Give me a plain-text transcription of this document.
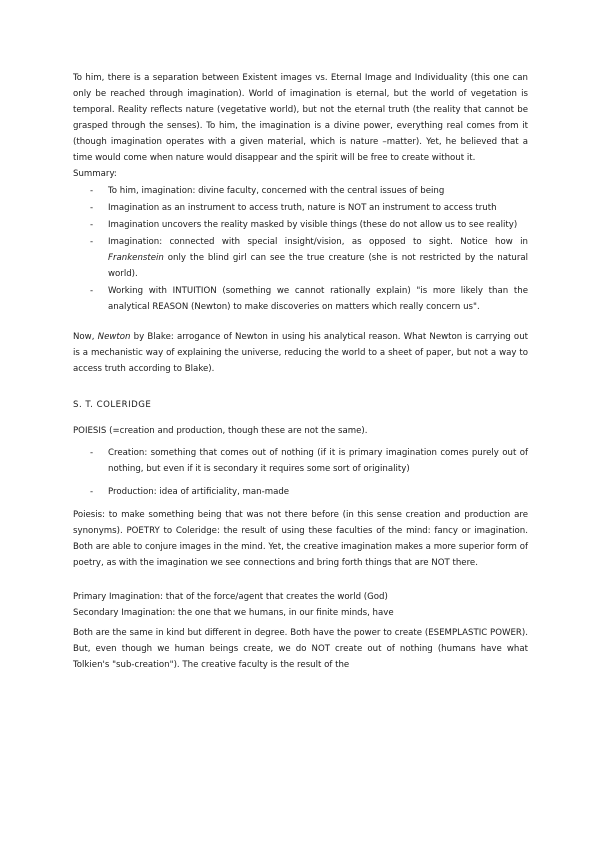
To him, there is a separation between Existent images vs. Eternal Image and Individuality (this one can only be reached through imagination). World of imagination is eternal, but the world of vegetation is temporal. Reality reflects nature (vegetative world), but not the eternal truth (the reality that cannot be grasped through the senses). To him, the imagination is a divine power, everything real comes from it (though imagination operates with a given material, which is nature –matter). Yet, he believed that a time would come when nature would disappear and the spirit will be free to create without it.

Summary:

- To him, imagination: divine faculty, concerned with the central issues of being
- Imagination as an instrument to access truth, nature is NOT an instrument to access truth
- Imagination uncovers the reality masked by visible things (these do not allow us to see reality)
- Imagination: connected with special insight/vision, as opposed to sight. Notice how in Frankenstein only the blind girl can see the true creature (she is not restricted by the natural world).
- Working with INTUITION (something we cannot rationally explain) "is more likely than the analytical REASON (Newton) to make discoveries on matters which really concern us".

Now, Newton by Blake: arrogance of Newton in using his analytical reason. What Newton is carrying out is a mechanistic way of explaining the universe, reducing the world to a sheet of paper, but not a way to access truth according to Blake).

S. T. COLERIDGE

POIESIS (=creation and production, though these are not the same).

- Creation: something that comes out of nothing (if it is primary imagination comes purely out of nothing, but even if it is secondary it requires some sort of originality)
- Production: idea of artificiality, man-made

Poiesis: to make something being that was not there before (in this sense creation and production are synonyms). POETRY to Coleridge: the result of using these faculties of the mind: fancy or imagination. Both are able to conjure images in the mind. Yet, the creative imagination makes a more superior form of poetry, as with the imagination we see connections and bring forth things that are NOT there.

Primary Imagination: that of the force/agent that creates the world (God)

Secondary Imagination: the one that we humans, in our finite minds, have

Both are the same in kind but different in degree. Both have the power to create (ESEMPLASTIC POWER). But, even though we human beings create, we do NOT create out of nothing (humans have what Tolkien's "sub-creation"). The creative faculty is the result of the
